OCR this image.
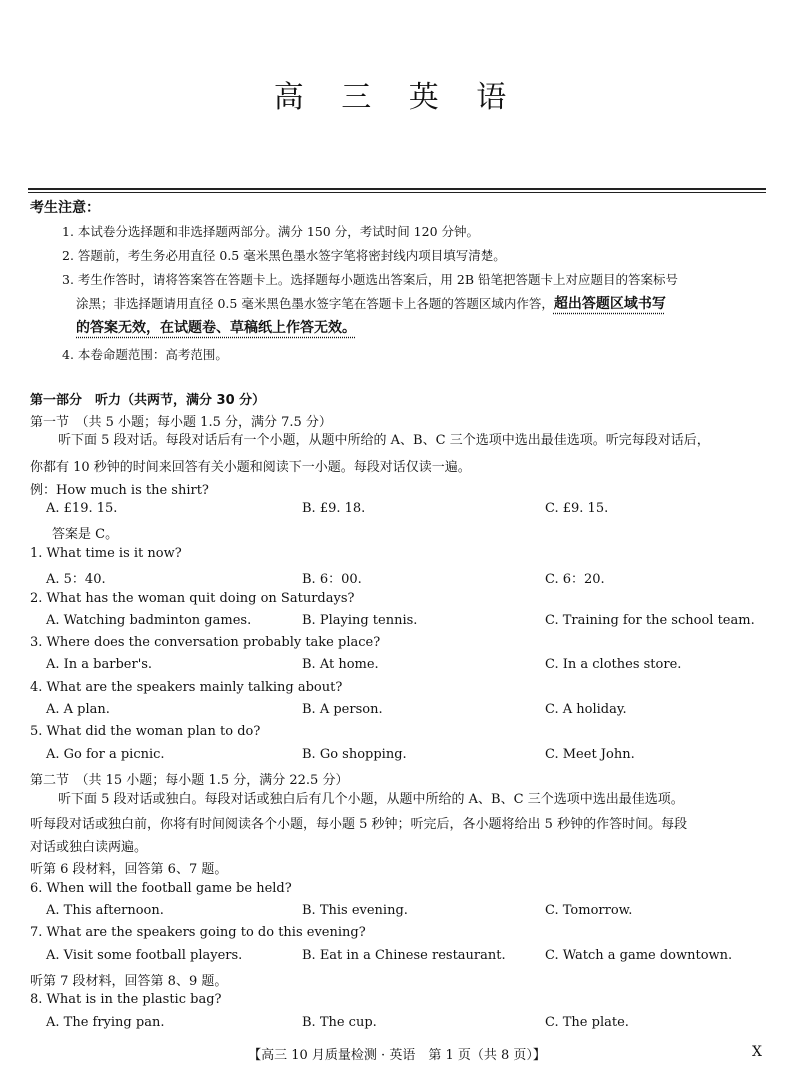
高 三 英 语
考生注意：
1. 本试卷分选择题和非选择题两部分。满分 150 分，考试时间 120 分钟。
2. 答题前，考生务必用直径 0.5 毫米黑色墨水签字笔将密封线内项目填写清楚。
3. 考生作答时，请将答案答在答题卡上。选择题每小题选出答案后，用 2B 铅笔把答题卡上对应题目的答案标号
涂黑；非选择题请用直径 0.5 毫米黑色墨水签字笔在答题卡上各题的答题区域内作答，超出答题区域书写
的答案无效，在试题卷、草稿纸上作答无效。
4. 本卷命题范围：高考范围。
第一部分　听力（共两节，满分 30 分）
第一节　（共 5 小题；每小题 1.5 分，满分 7.5 分）
听下面 5 段对话。每段对话后有一个小题，从题中所给的 A、B、C 三个选项中选出最佳选项。听完每段对话后，
你都有 10 秒钟的时间来回答有关小题和阅读下一小题。每段对话仅读一遍。
例：How much is the shirt?
A. £19. 15.	B. £9. 18.	C. £9. 15.
答案是 C。
1. What time is it now?
A. 5：40.	B. 6：00.	C. 6：20.
2. What has the woman quit doing on Saturdays?
A. Watching badminton games.	B. Playing tennis.	C. Training for the school team.
3. Where does the conversation probably take place?
A. In a barber's.	B. At home.	C. In a clothes store.
4. What are the speakers mainly talking about?
A. A plan.	B. A person.	C. A holiday.
5. What did the woman plan to do?
A. Go for a picnic.	B. Go shopping.	C. Meet John.
第二节　（共 15 小题；每小题 1.5 分，满分 22.5 分）
听下面 5 段对话或独白。每段对话或独白后有几个小题，从题中所给的 A、B、C 三个选项中选出最佳选项。
听每段对话或独白前，你将有时间阅读各个小题，每小题 5 秒钟；听完后，各小题将给出 5 秒钟的作答时间。每段
对话或独白读两遍。
听第 6 段材料，回答第 6、7 题。
6. When will the football game be held?
A. This afternoon.	B. This evening.	C. Tomorrow.
7. What are the speakers going to do this evening?
A. Visit some football players.	B. Eat in a Chinese restaurant.	C. Watch a game downtown.
听第 7 段材料，回答第 8、9 题。
8. What is in the plastic bag?
A. The frying pan.	B. The cup.	C. The plate.
【高三 10 月质量检测 · 英语　第 1 页（共 8 页）】	X
